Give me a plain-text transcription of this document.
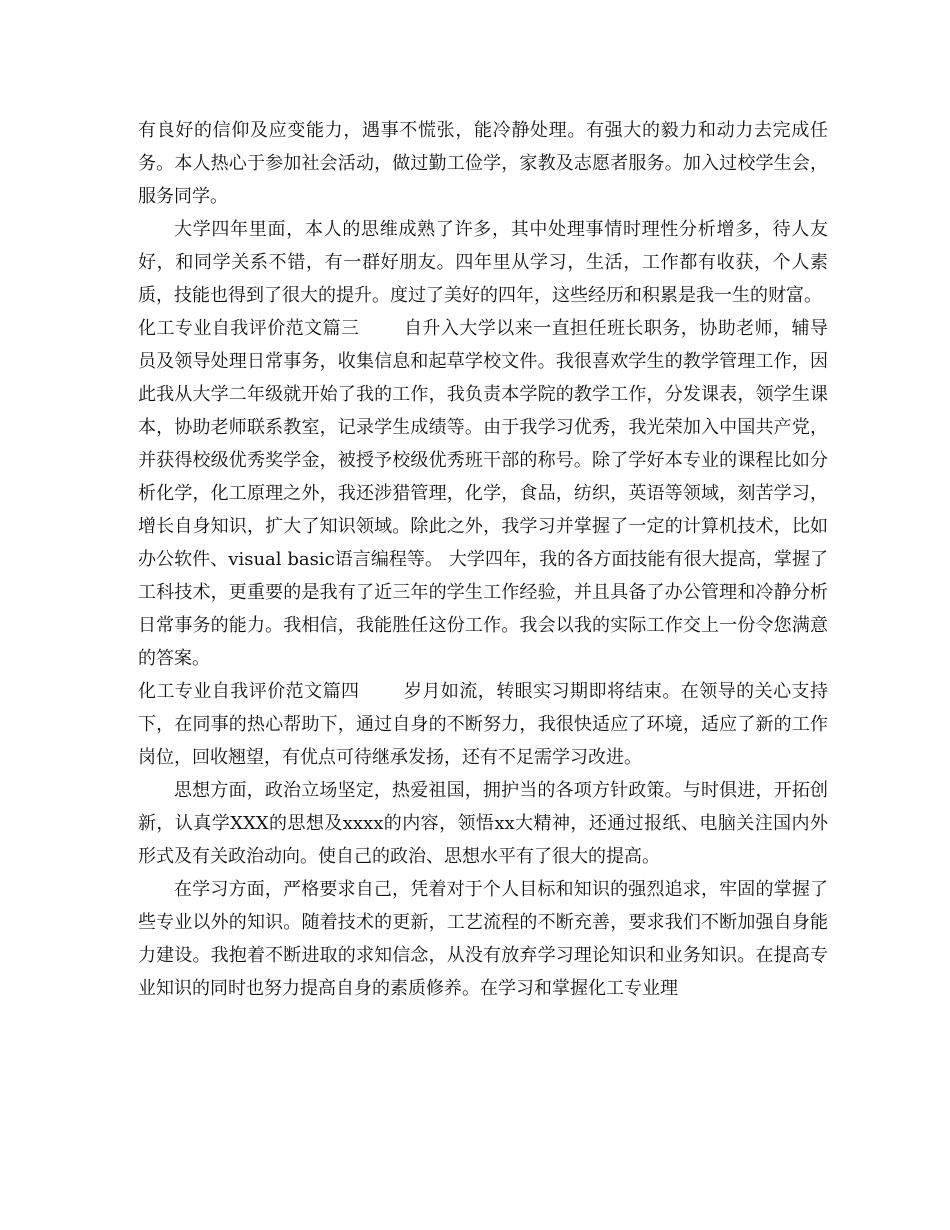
有良好的信仰及应变能力，遇事不慌张，能冷静处理。有强大的毅力和动力去完成任务。本人热心于参加社会活动，做过勤工俭学，家教及志愿者服务。加入过校学生会，服务同学。

大学四年里面，本人的思维成熟了许多，其中处理事情时理性分析增多，待人友好，和同学关系不错，有一群好朋友。四年里从学习，生活，工作都有收获，个人素质，技能也得到了很大的提升。度过了美好的四年，这些经历和积累是我一生的财富。

化工专业自我评价范文篇三 自升入大学以来一直担任班长职务，协助老师，辅导员及领导处理日常事务，收集信息和起草学校文件。我很喜欢学生的教学管理工作，因此我从大学二年级就开始了我的工作，我负责本学院的教学工作，分发课表，领学生课本，协助老师联系教室，记录学生成绩等。由于我学习优秀，我光荣加入中国共产党，并获得校级优秀奖学金，被授予校级优秀班干部的称号。除了学好本专业的课程比如分析化学，化工原理之外，我还涉猎管理，化学，食品，纺织，英语等领域，刻苦学习，增长自身知识，扩大了知识领域。除此之外，我学习并掌握了一定的计算机技术，比如办公软件、visual basic语言编程等。 大学四年，我的各方面技能有很大提高，掌握了工科技术，更重要的是我有了近三年的学生工作经验，并且具备了办公管理和冷静分析日常事务的能力。我相信，我能胜任这份工作。我会以我的实际工作交上一份令您满意的答案。

化工专业自我评价范文篇四 岁月如流，转眼实习期即将结束。在领导的关心支持下，在同事的热心帮助下，通过自身的不断努力，我很快适应了环境，适应了新的工作岗位，回收翘望，有优点可待继承发扬，还有不足需学习改进。

思想方面，政治立场坚定，热爱祖国，拥护当的各项方针政策。与时俱进，开拓创新，认真学XXX的思想及xxxx的内容，领悟xx大精神，还通过报纸、电脑关注国内外形式及有关政治动向。使自己的政治、思想水平有了很大的提高。

在学习方面，严格要求自己，凭着对于个人目标和知识的强烈追求，牢固的掌握了些专业以外的知识。随着技术的更新，工艺流程的不断充善，要求我们不断加强自身能力建设。我抱着不断进取的求知信念，从没有放弃学习理论知识和业务知识。在提高专业知识的同时也努力提高自身的素质修养。在学习和掌握化工专业理
